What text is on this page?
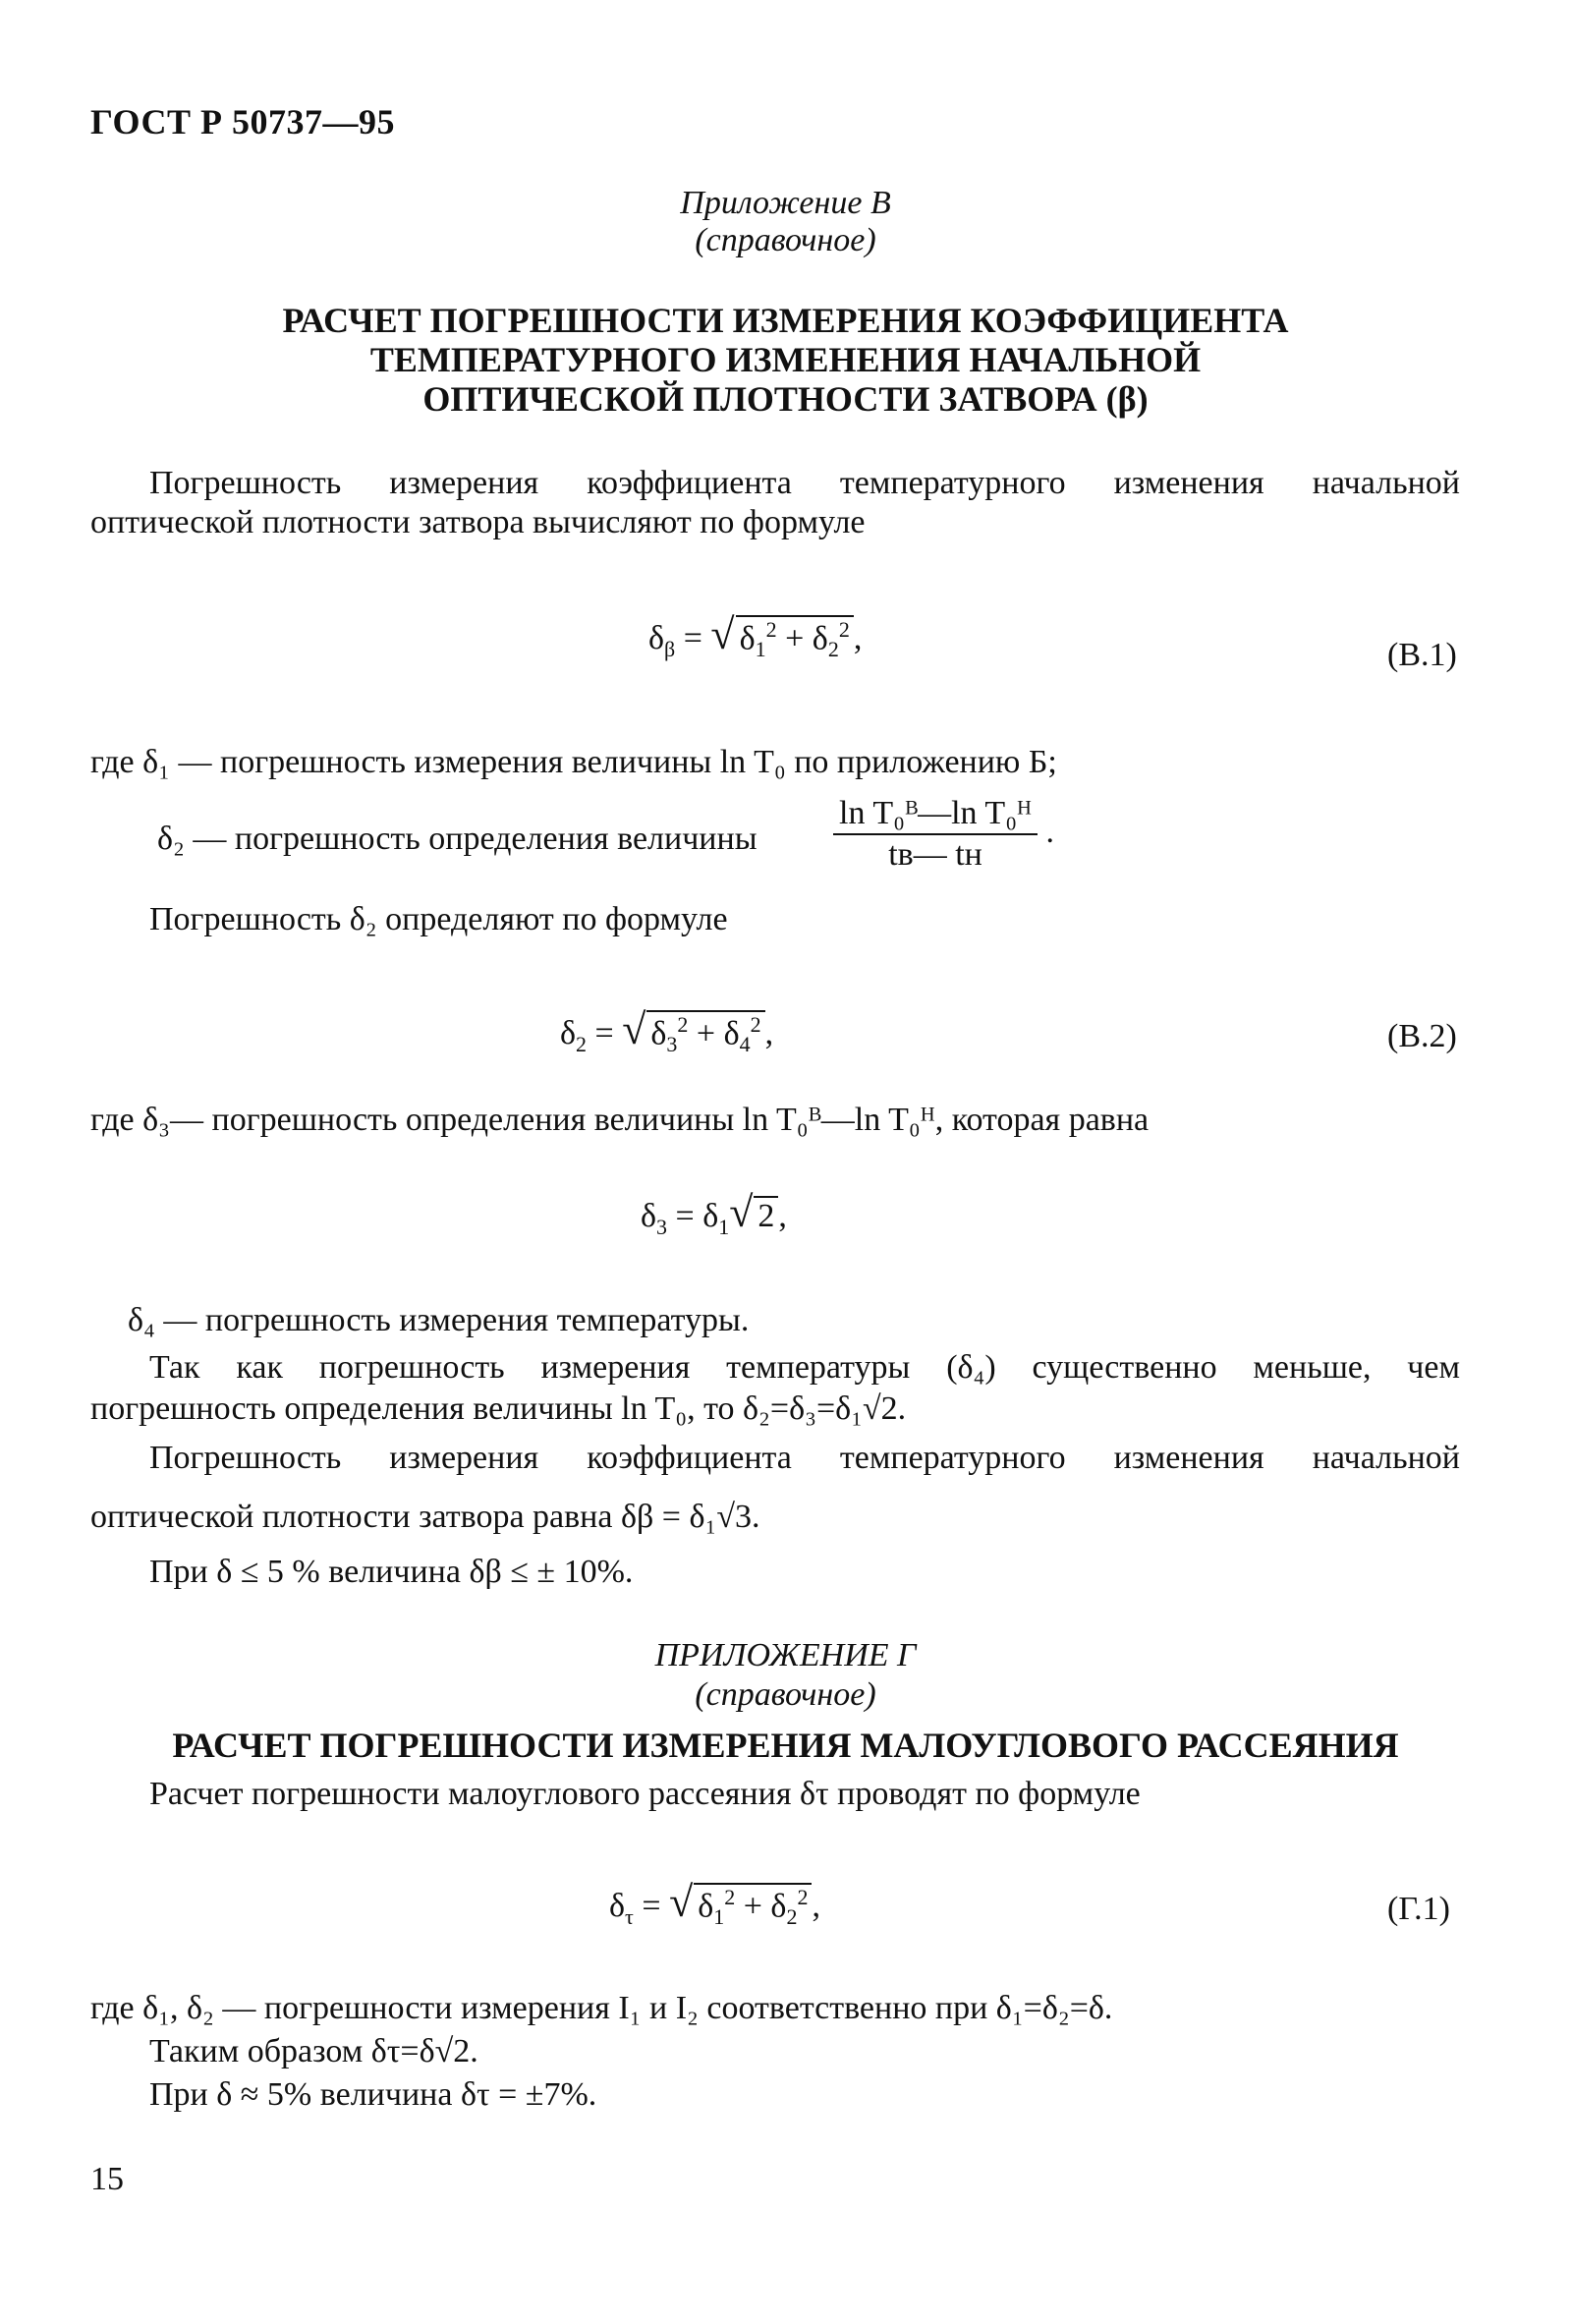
ГОСТ Р 50737—95
Приложение В
(справочное)
РАСЧЕТ ПОГРЕШНОСТИ ИЗМЕРЕНИЯ КОЭФФИЦИЕНТА
ТЕМПЕРАТУРНОГО ИЗМЕНЕНИЯ НАЧАЛЬНОЙ
ОПТИЧЕСКОЙ ПЛОТНОСТИ ЗАТВОРА (β)
Погрешность измерения коэффициента температурного изменения начальной
оптической плотности затвора вычисляют по формуле
$\delta_\beta$ = √ $\delta_1^2 + \delta_2^2$ ,	(В.1)
где δ₁ — погрешность измерения величины ln T₀ по приложению Б;
δ₂ — погрешность определения величины $\frac{\text{ln T₀ᴮ—ln T₀ᴴ}}{tв— tн}$ .
Погрешность δ₂ определяют по формуле
$\delta_2$ = √ $\delta_3^2 + \delta_4^2$ ,	(В.2)
где δ₃— погрешность определения величины ln T₀ᴮ—ln T₀ᴴ, которая равна
$\delta_3 = \delta_1√$ 2 ,
δ₄ — погрешность измерения температуры.
Так как погрешность измерения температуры (δ₄) существенно меньше, чем
погрешность определения величины ln T₀, то δ₂=δ₃=δ₁√2.
Погрешность измерения коэффициента температурного изменения начальной
оптической плотности затвора равна δβ = δ₁√3.
При δ ≤ 5 % величина δβ ≤ ± 10%.
ПРИЛОЖЕНИЕ Г
(справочное)
РАСЧЕТ ПОГРЕШНОСТИ ИЗМЕРЕНИЯ МАЛОУГЛОВОГО РАССЕЯНИЯ
Расчет погрешности малоуглового рассеяния δτ проводят по формуле
$\delta_\tau$ = √ $\delta_1^2 + \delta_2^2$ ,	(Г.1)
где δ₁, δ₂ — погрешности измерения I₁ и I₂ соответственно при δ₁=δ₂=δ.
Таким образом δτ=δ√2.
При δ ≈ 5% величина δτ = ±7%.
15
